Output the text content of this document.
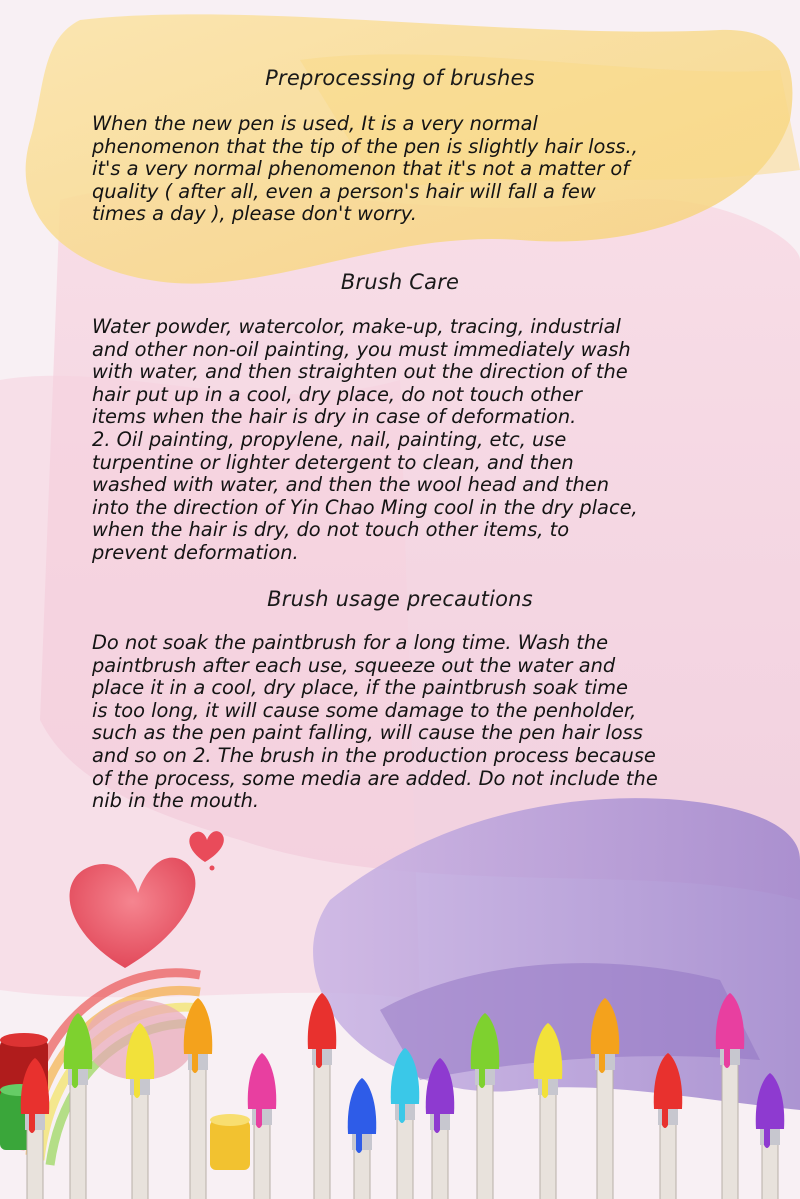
Preprocessing of brushes
When the new pen is used, It is a very normal
phenomenon that the tip of the pen is slightly hair loss.,
it's a very normal phenomenon that it's not a matter of
quality ( after all, even a person's hair will fall a few
times a day ), please don't worry.
Brush Care
Water powder, watercolor, make-up, tracing, industrial
and other non-oil painting, you must immediately wash
with water, and then straighten out the direction of the
hair put up in a cool, dry place, do not touch other
items when the hair is dry in case of deformation.
2. Oil painting, propylene, nail, painting, etc, use
turpentine or lighter detergent to clean, and then
washed with water, and then the wool head and then
into the direction of Yin Chao Ming cool in the dry place,
when the hair is dry, do not touch other items, to
prevent deformation.
Brush usage precautions
Do not soak the paintbrush for a long time. Wash the
paintbrush after each use, squeeze out the water and
place it in a cool, dry place, if the paintbrush soak time
is too long, it will cause some damage to the penholder,
such as the pen paint falling, will cause the pen hair loss
and so on 2. The brush in the production process because
of the process, some media are added. Do not include the
nib in the mouth.
